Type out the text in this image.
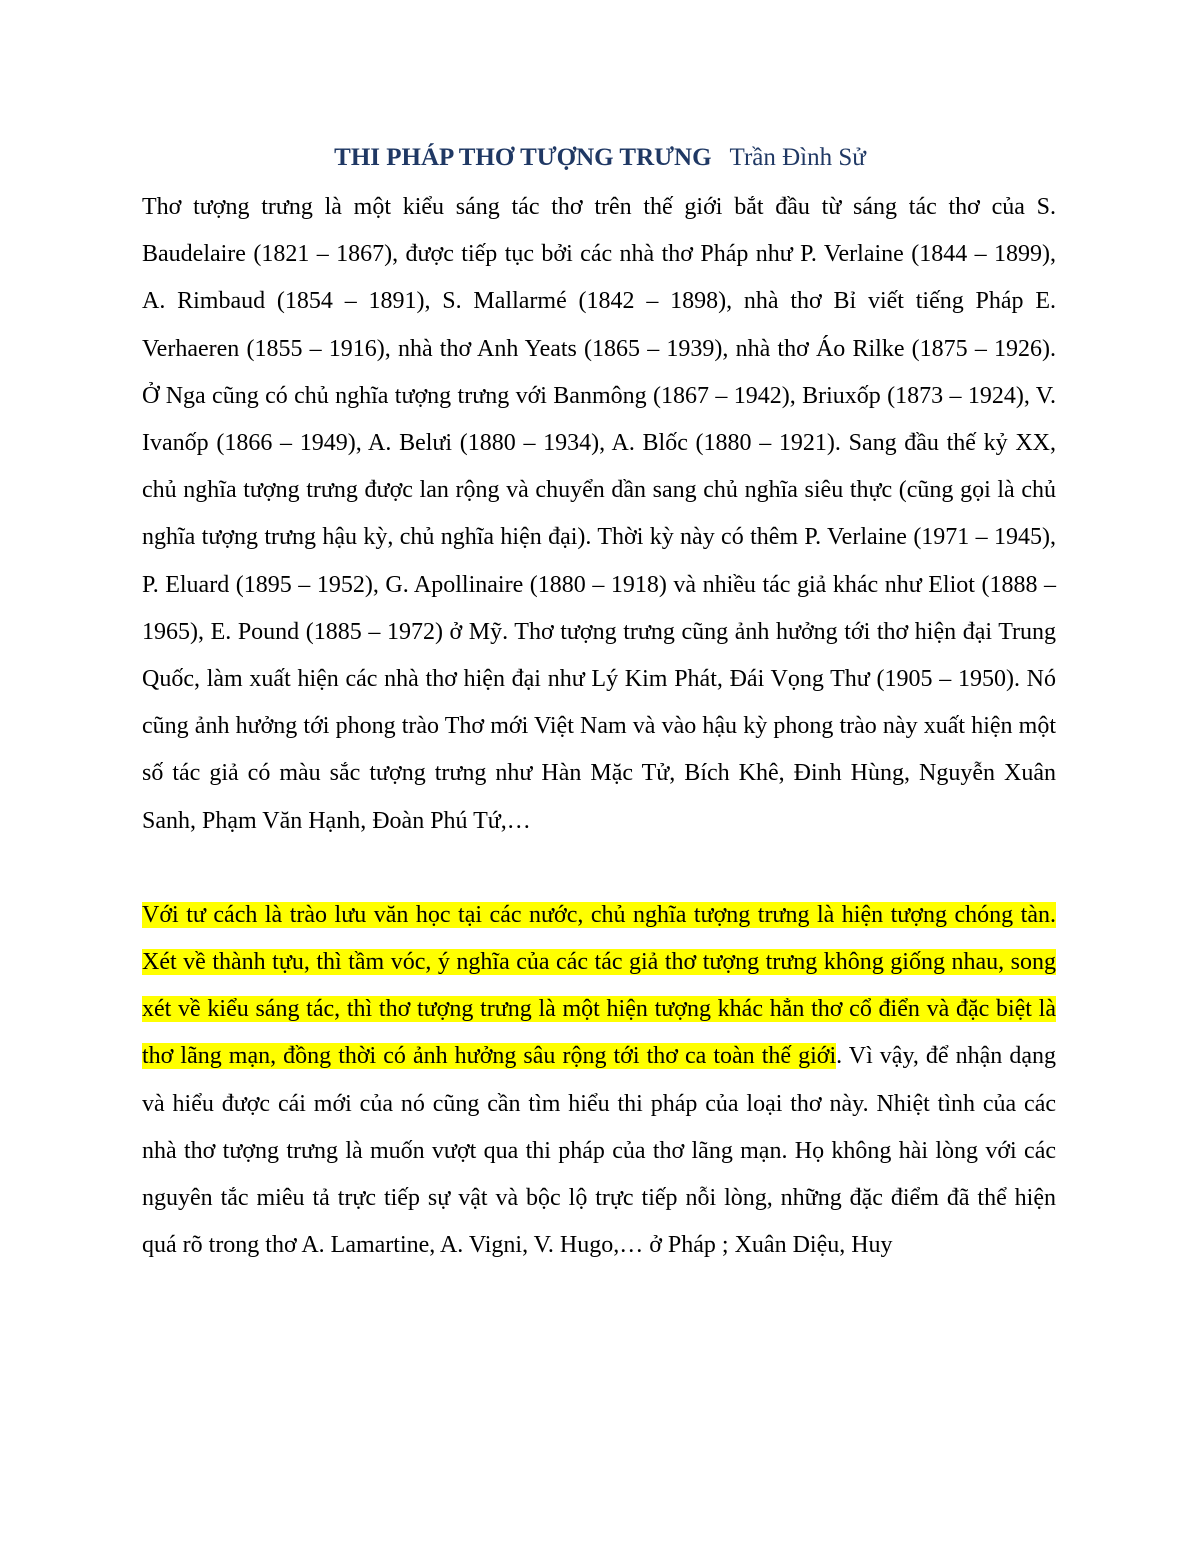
THI PHÁP THƠ TƯỢNG TRƯNG Trần Đình Sử

Thơ tượng trưng là một kiểu sáng tác thơ trên thế giới bắt đầu từ sáng tác thơ của S. Baudelaire (1821 – 1867), được tiếp tục bởi các nhà thơ Pháp như P. Verlaine (1844 – 1899), A. Rimbaud (1854 – 1891), S. Mallarmé (1842 – 1898), nhà thơ Bỉ viết tiếng Pháp E. Verhaeren (1855 – 1916), nhà thơ Anh Yeats (1865 – 1939), nhà thơ Áo Rilke (1875 – 1926). Ở Nga cũng có chủ nghĩa tượng trưng với Banmông (1867 – 1942), Briuxốp (1873 – 1924), V. Ivanốp (1866 – 1949), A. Belưi (1880 – 1934), A. Blốc (1880 – 1921). Sang đầu thế kỷ XX, chủ nghĩa tượng trưng được lan rộng và chuyển dần sang chủ nghĩa siêu thực (cũng gọi là chủ nghĩa tượng trưng hậu kỳ, chủ nghĩa hiện đại). Thời kỳ này có thêm P. Verlaine (1971 – 1945), P. Eluard (1895 – 1952), G. Apollinaire (1880 – 1918) và nhiều tác giả khác như Eliot (1888 – 1965), E. Pound (1885 – 1972) ở Mỹ. Thơ tượng trưng cũng ảnh hưởng tới thơ hiện đại Trung Quốc, làm xuất hiện các nhà thơ hiện đại như Lý Kim Phát, Đái Vọng Thư (1905 – 1950). Nó cũng ảnh hưởng tới phong trào Thơ mới Việt Nam và vào hậu kỳ phong trào này xuất hiện một số tác giả có màu sắc tượng trưng như Hàn Mặc Tử, Bích Khê, Đinh Hùng, Nguyễn Xuân Sanh, Phạm Văn Hạnh, Đoàn Phú Tứ,…

Với tư cách là trào lưu văn học tại các nước, chủ nghĩa tượng trưng là hiện tượng chóng tàn. Xét về thành tựu, thì tầm vóc, ý nghĩa của các tác giả thơ tượng trưng không giống nhau, song xét về kiểu sáng tác, thì thơ tượng trưng là một hiện tượng khác hẳn thơ cổ điển và đặc biệt là thơ lãng mạn, đồng thời có ảnh hưởng sâu rộng tới thơ ca toàn thế giới. Vì vậy, để nhận dạng và hiểu được cái mới của nó cũng cần tìm hiểu thi pháp của loại thơ này. Nhiệt tình của các nhà thơ tượng trưng là muốn vượt qua thi pháp của thơ lãng mạn. Họ không hài lòng với các nguyên tắc miêu tả trực tiếp sự vật và bộc lộ trực tiếp nỗi lòng, những đặc điểm đã thể hiện quá rõ trong thơ A. Lamartine, A. Vigni, V. Hugo,… ở Pháp ; Xuân Diệu, Huy
